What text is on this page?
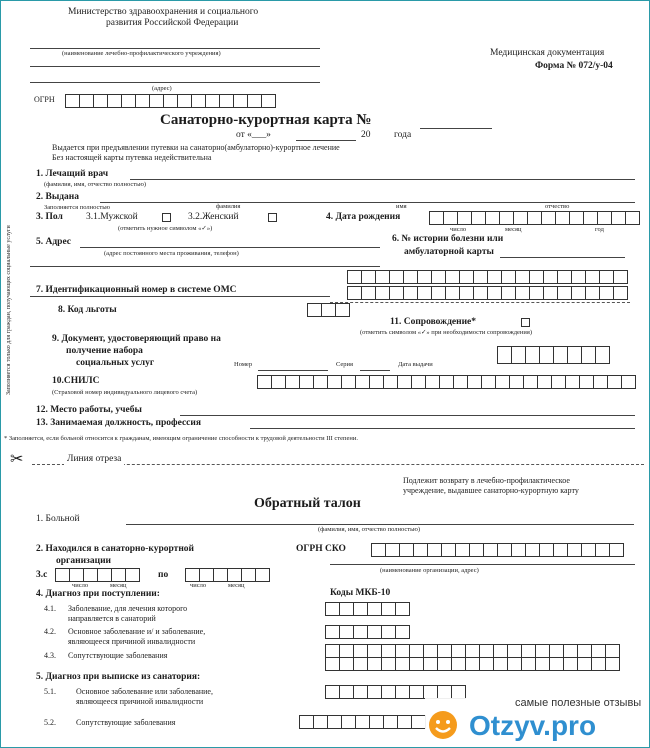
Министерство здравоохранения и социального
развития Российской Федерации
(наименование лечебно-профилактического учреждения)
(адрес)
ОГРН
Медицинская документация
Форма № 072/у-04
Санаторно-курортная карта №
от «___»	20 года
Выдается при предъявлении путевки на санаторно(амбулаторно)-курортное лечение
Без настоящей карты путевка недействительна
1. Лечащий врач
(фамилия, имя, отчество полностью)
2. Выдана
Заполняется полностью	фамилия	имя	отчество
3. Пол 3.1.Мужской	3.2.Женский
(отметить нужное символом «✓»)
4. Дата рождения
число	месяц	год
5. Адрес
(адрес постоянного места проживания, телефон)
6. № истории болезни или
амбулаторной карты
7. Идентификационный номер в системе ОМС
Заполняется только для граждан, получающих социальные услуги	8. Код льготы
11. Сопровождение*
(отметить символом «✓» при необходимости сопровождения)
9. Документ, удостоверяющий право на
получение набора
социальных услуг	Номер	Серия	Дата выдачи
10.СНИЛС
(Страховой номер индивидуального лицевого счета)
12. Место работы, учебы
13. Занимаемая должность, профессия
* Заполняется, если больной относится к гражданам, имеющим ограничение способности к трудовой деятельности III степени.
✂	Линия отреза
Подлежит возврату в лечебно-профилактическое
учреждение, выдавшее санаторно-курортную карту
Обратный талон
1. Больной
(фамилия, имя, отчество полностью)
2. Находился в санаторно-курортной
организации
ОГРН СКО
(наименование организации, адрес)
3.с
число	месяц
по
число	месяц
4. Диагноз при поступлении:	Коды МКБ-10
4.1. Заболевание, для лечения которого
направляется в санаторий
4.2. Основное заболевание и/ и заболевание,
являющееся причиной инвалидности
4.3. Сопутствующие заболевания
5. Диагноз при выписке из санатория:
5.1.	Основное заболевание или заболевание,
являющееся причиной инвалидности
5.2.	Сопутствующие заболевания
самые полезные отзывы
Otzyv.pro
